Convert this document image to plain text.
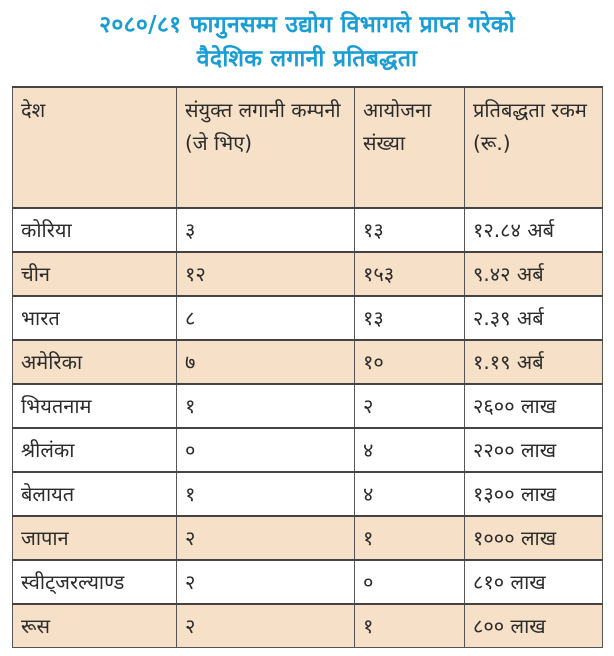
२०८०/८१ फागुनसम्म उद्योग विभागले प्राप्त गरेको
वैदेशिक लगानी प्रतिबद्धता
देश	संयुक्त लगानी कम्पनी (जे भिए)	आयोजना संख्या	प्रतिबद्धता रकम (रू.)
कोरिया	३	१३	१२.८४ अर्ब
चीन	१२	१५३	९.४२ अर्ब
भारत	८	१३	२.३९ अर्ब
अमेरिका	७	१०	१.१९ अर्ब
भियतनाम	१	२	२६०० लाख
श्रीलंका	०	४	२२०० लाख
बेलायत	१	४	१३०० लाख
जापान	२	१	१००० लाख
स्वीट्जरल्याण्ड	२	०	८१० लाख
रूस	२	१	८०० लाख
